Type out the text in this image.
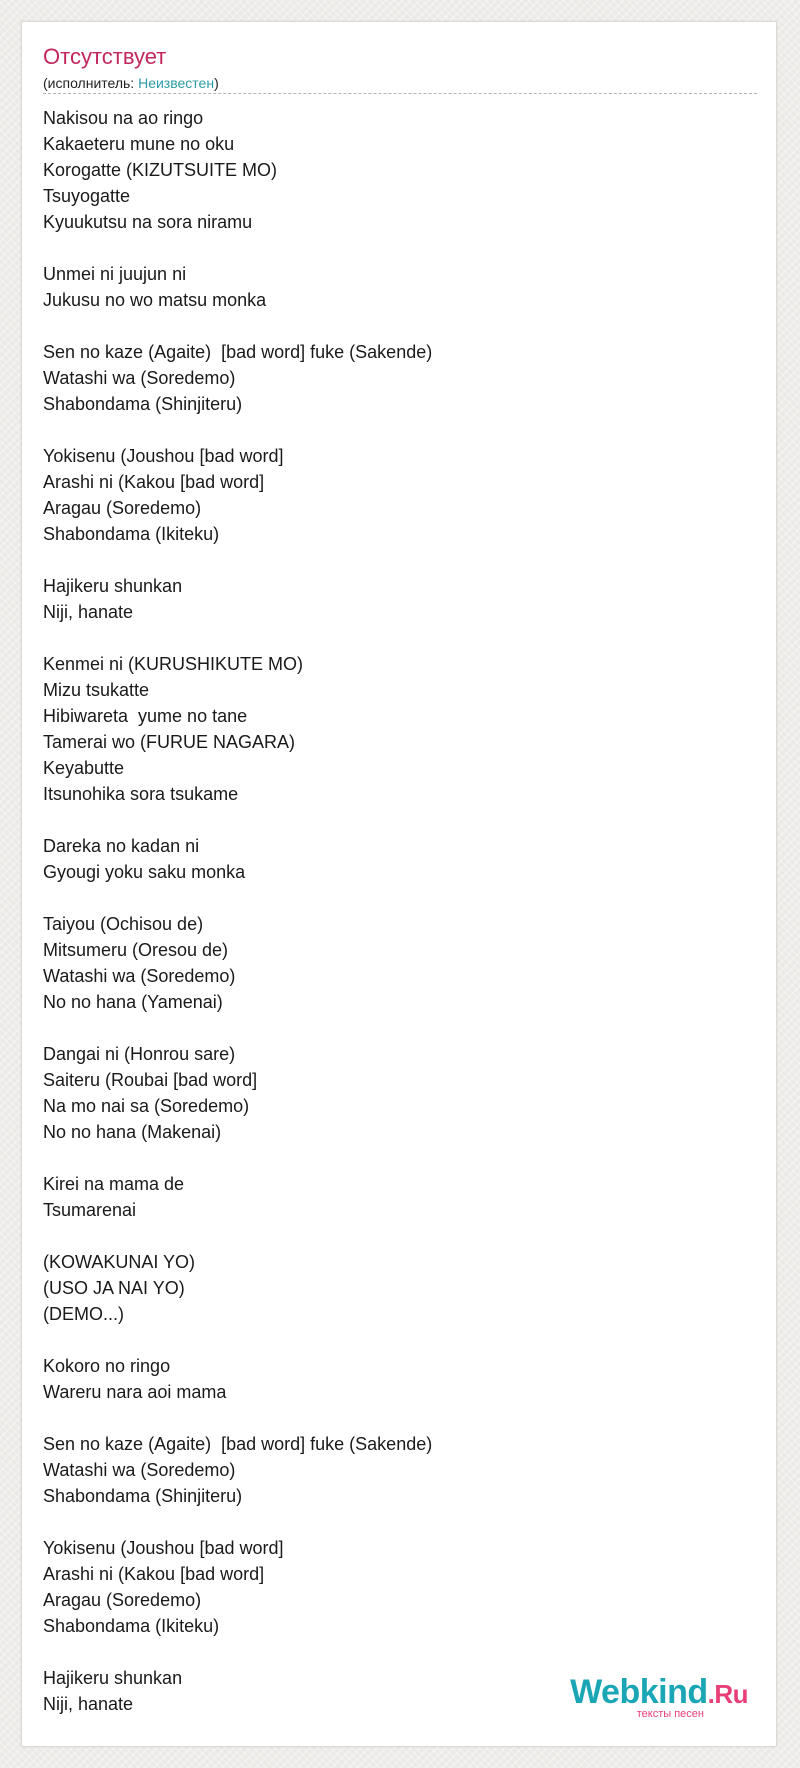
Отсутствует
(исполнитель: Неизвестен)
Nakisou na ao ringo
Kakaeteru mune no oku
Korogatte (KIZUTSUITE MO)
Tsuyogatte
Kyuukutsu na sora niramu
Unmei ni juujun ni
Jukusu no wo matsu monka
Sen no kaze (Agaite)  [bad word] fuke (Sakende)
Watashi wa (Soredemo)
Shabondama (Shinjiteru)
Yokisenu (Joushou [bad word]
Arashi ni (Kakou [bad word]
Aragau (Soredemo)
Shabondama (Ikiteku)
Hajikeru shunkan
Niji, hanate
Kenmei ni (KURUSHIKUTE MO)
Mizu tsukatte
Hibiwareta  yume no tane
Tamerai wo (FURUE NAGARA)
Keyabutte
Itsunohika sora tsukame
Dareka no kadan ni
Gyougi yoku saku monka
Taiyou (Ochisou de)
Mitsumeru (Oresou de)
Watashi wa (Soredemo)
No no hana (Yamenai)
Dangai ni (Honrou sare)
Saiteru (Roubai [bad word]
Na mo nai sa (Soredemo)
No no hana (Makenai)
Kirei na mama de
Tsumarenai
(KOWAKUNAI YO)
(USO JA NAI YO)
(DEMO...)
Kokoro no ringo
Wareru nara aoi mama
Sen no kaze (Agaite)  [bad word] fuke (Sakende)
Watashi wa (Soredemo)
Shabondama (Shinjiteru)
Yokisenu (Joushou [bad word]
Arashi ni (Kakou [bad word]
Aragau (Soredemo)
Shabondama (Ikiteku)
Hajikeru shunkan
Niji, hanate	Webkind.Ru
тексты песен
